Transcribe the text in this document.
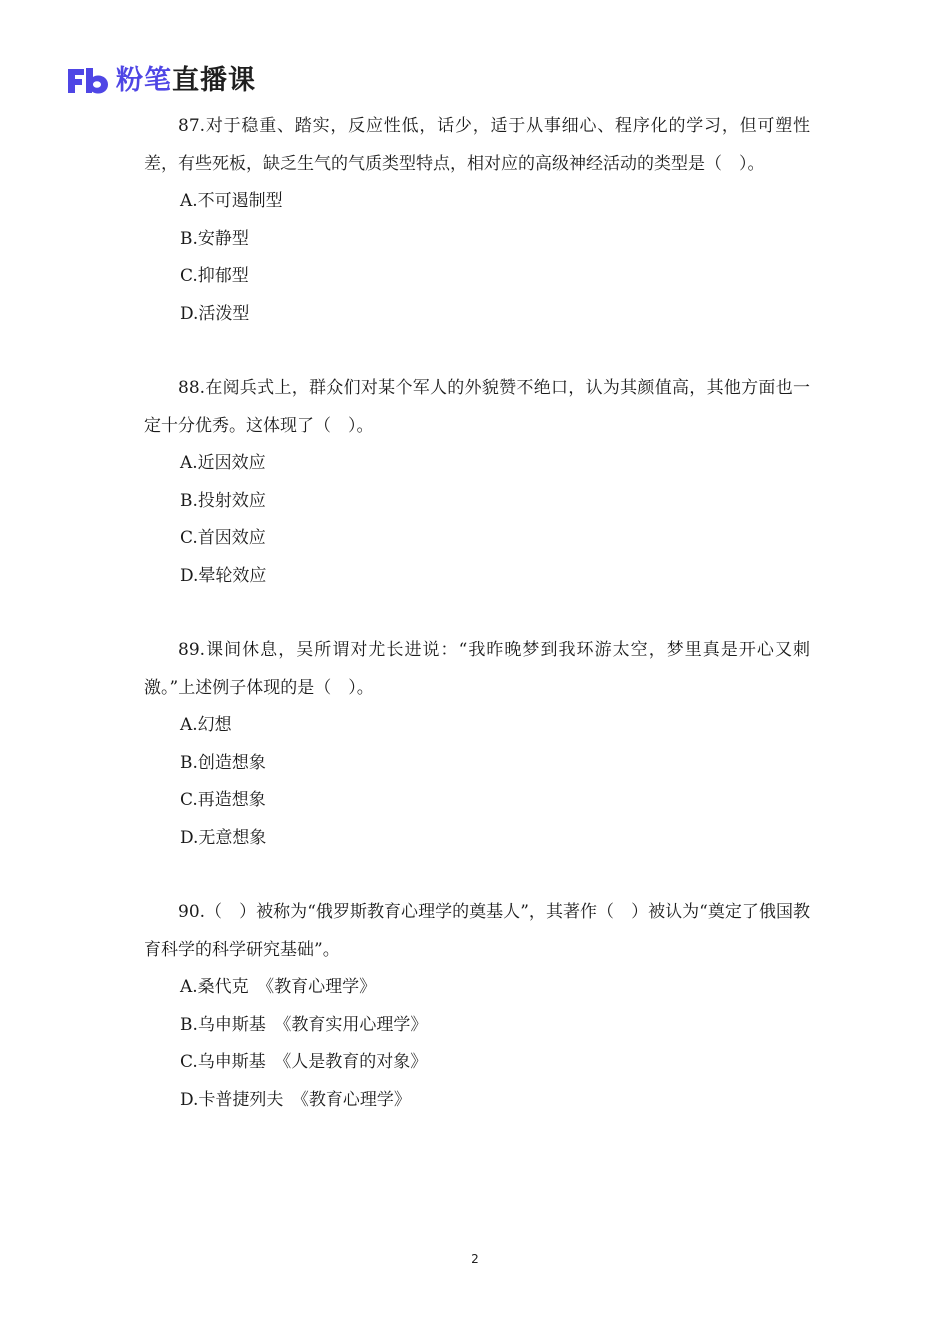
粉笔 直播课

87.对于稳重、踏实，反应性低，话少，适于从事细心、程序化的学习，但可塑性差，有些死板，缺乏生气的气质类型特点，相对应的高级神经活动的类型是（　）。

A.不可遏制型

B.安静型

C.抑郁型

D.活泼型

88.在阅兵式上，群众们对某个军人的外貌赞不绝口，认为其颜值高，其他方面也一定十分优秀。这体现了（　）。

A.近因效应

B.投射效应

C.首因效应

D.晕轮效应

89.课间休息，吴所谓对尤长进说：“我昨晚梦到我环游太空，梦里真是开心又刺激。”上述例子体现的是（　）。

A.幻想

B.创造想象

C.再造想象

D.无意想象

90.（　）被称为“俄罗斯教育心理学的奠基人”，其著作（　）被认为“奠定了俄国教育科学的科学研究基础”。

A.桑代克　《教育心理学》

B.乌申斯基　《教育实用心理学》

C.乌申斯基　《人是教育的对象》

D.卡普捷列夫　《教育心理学》

2
